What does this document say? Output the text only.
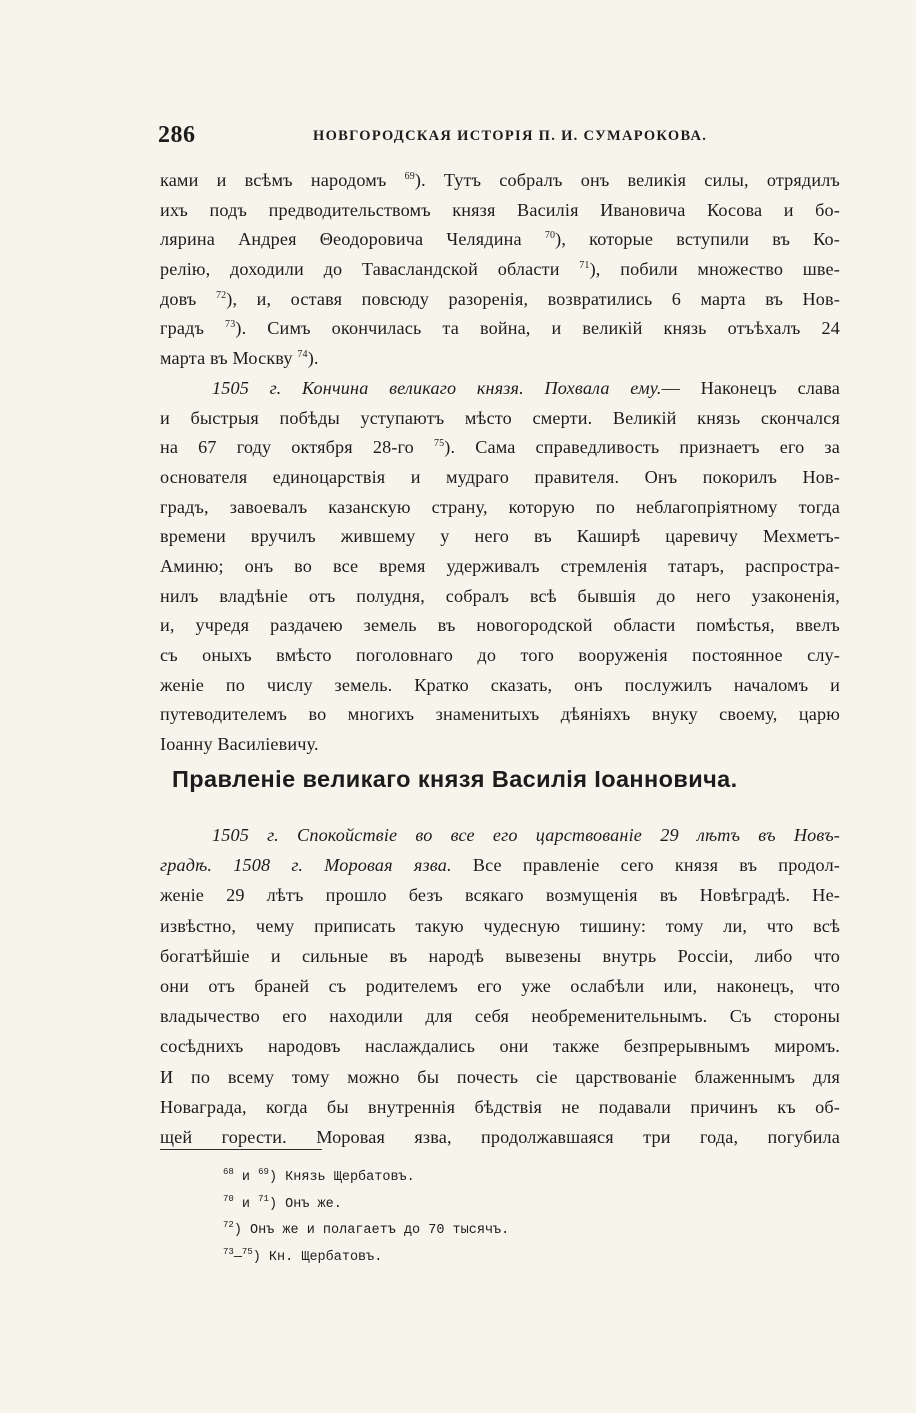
286	НОВГОРОДСКАЯ ИСТОРІЯ П. И. СУМАРОКОВА.
ками и всѣмъ народомъ $^{69}$). Тутъ собралъ онъ великія силы, отрядилъ
ихъ подъ предводительствомъ князя Василія Ивановича Косова и бо-
лярина Андрея Θеодоровича Челядина $^{70}$), которые вступили въ Ко-
релію, доходили до Тавасландской области $^{71}$), побили множество шве-
довъ $^{72}$), и, оставя повсюду разоренія, возвратились 6 марта въ Нов-
градъ $^{73}$). Симъ окончилась та война, и великій князь отъѣхалъ 24
марта въ Москву $^{74}$).
1505 г. Кончина великаго князя. Похвала ему.— Наконецъ слава
и быстрыя побѣды уступаютъ мѣсто смерти. Великій князь скончался
на 67 году октября 28-го $^{75}$). Сама справедливость признаетъ его за
основателя единоцарствія и мудраго правителя. Онъ покорилъ Нов-
градъ, завоевалъ казанскую страну, которую по неблагопріятному тогда
времени вручилъ жившему у него въ Каширѣ царевичу Мехметъ-
Аминю; онъ во все время удерживалъ стремленія татаръ, распростра-
нилъ владѣніе отъ полудня, собралъ всѣ бывшія до него узаконенія,
и, учредя раздачею земель въ новогородской области помѣстья, ввелъ
съ оныхъ вмѣсто поголовнаго до того вооруженія постоянное слу-
женіе по числу земель. Кратко сказать, онъ послужилъ началомъ и
путеводителемъ во многихъ знаменитыхъ дѣяніяхъ внуку своему, царю
Іоанну Василіевичу.
Правленіе великаго князя Василія Іоанновича.
1505 г. Спокойствіе во все его царствованіе 29 лѣтъ въ Новъ-
градѣ. 1508 г. Моровая язва. Все правленіе сего князя въ продол-
женіе 29 лѣтъ прошло безъ всякаго возмущенія въ Новѣградѣ. Не-
извѣстно, чему приписать такую чудесную тишину: тому ли, что всѣ
богатѣйшіе и сильные въ народѣ вывезены внутрь Россіи, либо что
они отъ браней съ родителемъ его уже ослабѣли или, наконецъ, что
владычество его находили для себя необременительнымъ. Съ стороны
сосѣднихъ народовъ наслаждались они также безпрерывнымъ миромъ.
И по всему тому можно бы почесть сіе царствованіе блаженнымъ для
Новаграда, когда бы внутреннія бѣдствія не подавали причинъ къ об-
щей горести. Моровая язва, продолжавшаяся три года, погубила
$^{68}$ и $^{69}$) Князь Щербатовъ.
$^{70}$ и $^{71}$) Онъ же.
$^{72}$) Онъ же и полагаетъ до 70 тысячъ.
$^{73}$—$^{75}$) Кн. Щербатовъ.
